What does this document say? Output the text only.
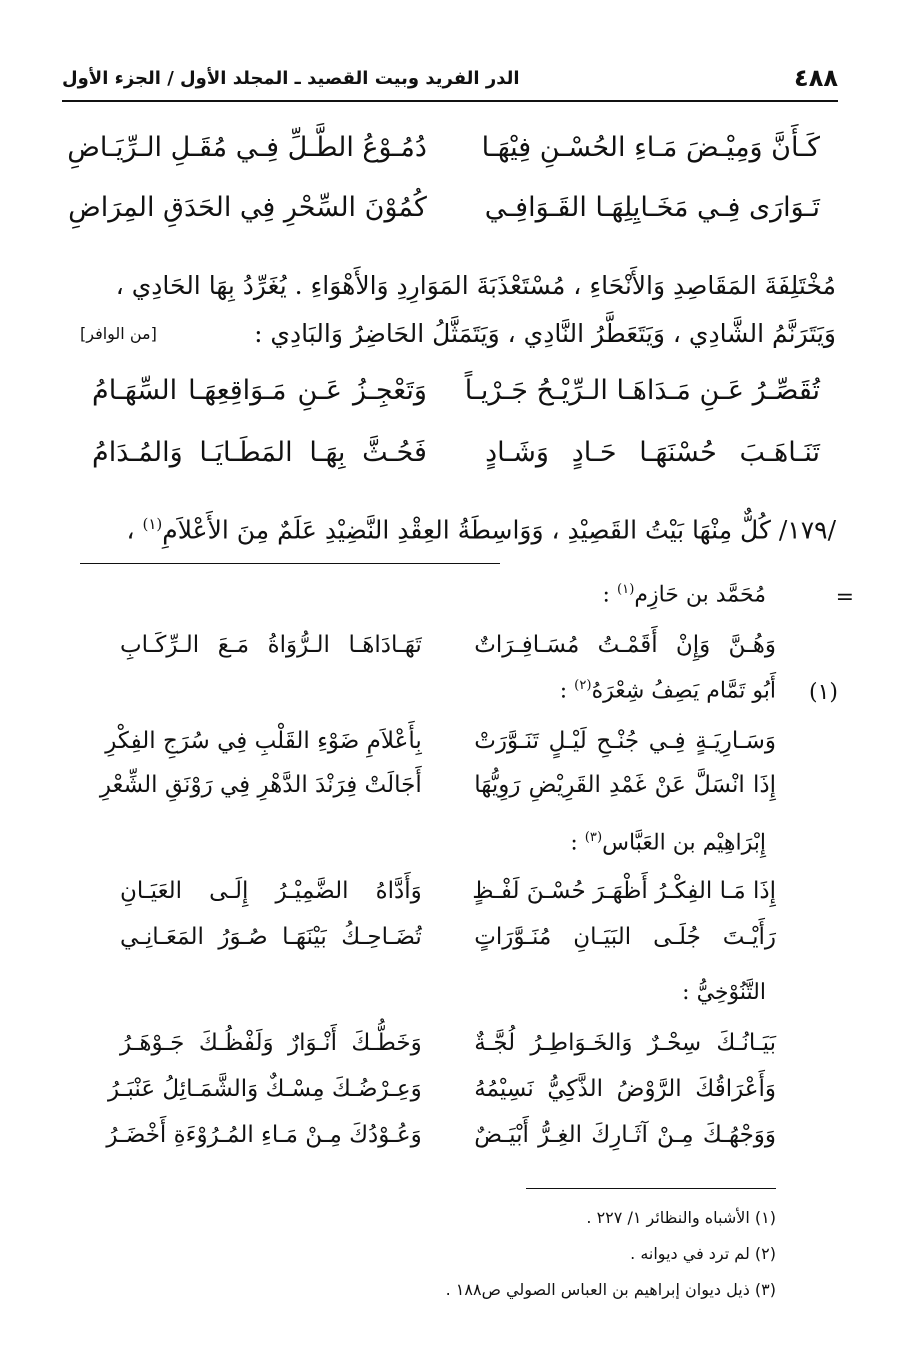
٤٨٨
الدر الفريد وبيت القصيد ـ المجلد الأول / الجزء الأول
كَـأَنَّ وَمِيْـضَ مَـاءِ الحُسْـنِ فِيْهَـا
دُمُـوْعُ الطَّـلِّ فِـي مُقَـلِ الـرِّيَـاضِ
تَـوَارَى فِـي مَخَـايِلِهَـا القَـوَافِـي
كُمُوْنَ السِّحْرِ فِي الحَدَقِ المِرَاضِ
مُخْتَلِفَةَ المَقَاصِدِ وَالأَنْحَاءِ ، مُسْتَعْذَبَةَ المَوَارِدِ وَالأَهْوَاءِ . يُغَرِّدُ بِهَا الحَادِي ،
وَيَتَرَنَّمُ الشَّادِي ، وَيَتَعَطَّرُ النَّادِي ، وَيَتَمَثَّلُ الحَاضِرُ وَالبَادِي :
[من الوافر]
تُقَصِّـرُ عَـنِ مَـدَاهَـا الـرِّيْـحُ جَـرْيـاً
وَتَعْجِـزُ عَـنِ مَـوَاقِعِهَـا السِّهَـامُ
تَنَـاهَـبَ حُسْنَهَـا حَـادٍ وَشَـادٍ
فَحُـثَّ بِهَـا المَطَـايَـا وَالمُـدَامُ
/١٧٩/ كُلٌّ مِنْهَا بَيْتُ القَصِيْدِ ، وَوَاسِطَةُ العِقْدِ النَّضِيْدِ عَلَمٌ مِنَ الأَعْلاَمِ$^{(١)}$ ،
=
مُحَمَّد بن حَازِم$^{(١)}$ :
وَهُـنَّ وَإِنْ أَقَمْـتُ مُسَـافِـرَاتٌ
تَهَـادَاهَـا الـرُّوَاةُ مَـعَ الـرِّكَـابِ
(١)
أَبُو تَمَّام يَصِفُ شِعْرَهُ$^{(٢)}$ :
وَسَـارِيَـةٍ فِـي جُنْـحِ لَيْـلٍ تَنَـوَّرَتْ
بِأَعْلاَمِ ضَوْءِ القَلْبِ فِي سُرَجِ الفِكْرِ
إِذَا انْسَلَّ عَنْ غَمْدِ القَرِيْضِ رَوِيُّهَا
أَجَالَتْ فِرَنْدَ الدَّهْرِ فِي رَوْنَقِ الشِّعْرِ
إِبْرَاهِيْم بن العَبَّاس$^{(٣)}$ :
إِذَا مَـا الفِكْـرُ أَظْهَـرَ حُسْـنَ لَفْـظٍ
وَأَدَّاهُ الضَّمِيْـرُ إِلَـى العَيَـانِ
رَأَيْـتَ جُلَـى البَيَـانِ مُنَـوَّرَاتٍ
تُضَـاحِـكُ بَيْنَهَـا صُـوَرُ المَعَـانِـي
التَّنُوْخِيُّ :
بَيَـانُـكَ سِحْـرٌ وَالخَـوَاطِـرُ لُجَّـةٌ
وَخَطُّـكَ أَنْـوَارٌ وَلَفْظُـكَ جَـوْهَـرُ
وَأَعْرَاقُكَ الرَّوْضُ الذَّكِيُّ نَسِيْمُهُ
وَعِـرْضُـكَ مِسْـكٌ وَالشَّمَـائِلُ عَنْبَـرُ
وَوَجْهُـكَ مِـنْ آثَـارِكَ الغِـرُّ أَبْيَـضٌ
وَعُـوْدُكَ مِـنْ مَـاءِ المُـرُوْءَةِ أَخْضَـرُ
(١) الأشباه والنظائر ١/ ٢٢٧ .
(٢) لم ترد في ديوانه .
(٣) ذيل ديوان إبراهيم بن العباس الصولي ص١٨٨ .
